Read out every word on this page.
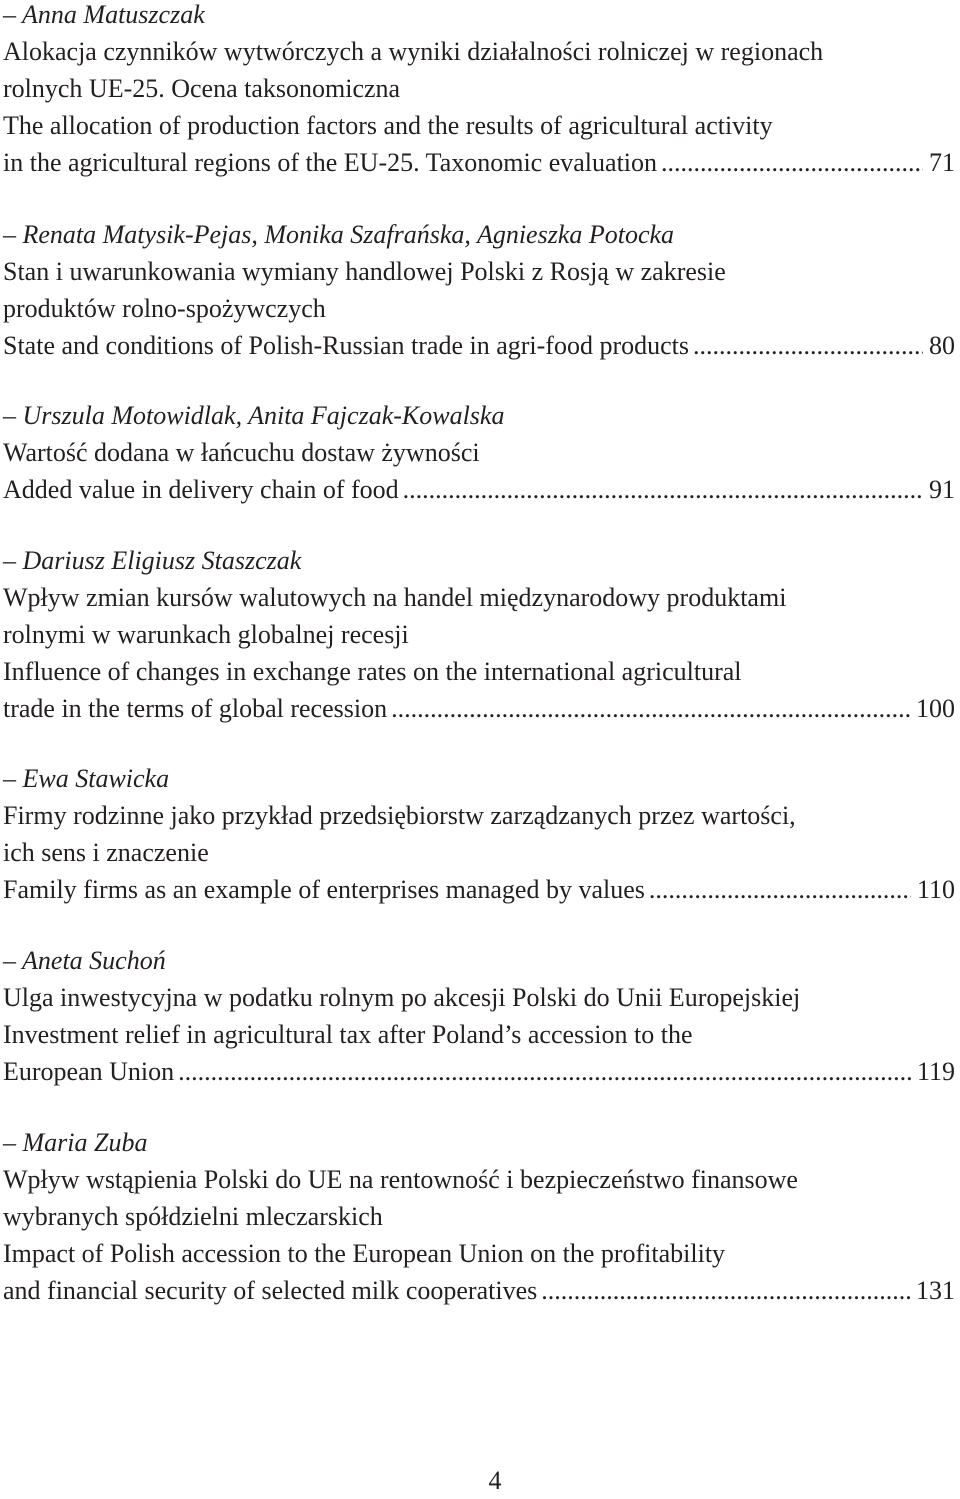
– Anna Matuszczak
Alokacja czynników wytwórczych a wyniki działalności rolniczej w regionach
rolnych UE-25. Ocena taksonomiczna
The allocation of production factors and the results of agricultural activity
in the agricultural regions of the EU-25. Taxonomic evaluation .....	71
– Renata Matysik-Pejas, Monika Szafrańska, Agnieszka Potocka
Stan i uwarunkowania wymiany handlowej Polski z Rosją w zakresie
produktów rolno-spożywczych
State and conditions of Polish-Russian trade in agri-food products .....	80
– Urszula Motowidlak, Anita Fajczak-Kowalska
Wartość dodana w łańcuchu dostaw żywności
Added value in delivery chain of food .....	91
– Dariusz Eligiusz Staszczak
Wpływ zmian kursów walutowych na handel międzynarodowy produktami
rolnymi w warunkach globalnej recesji
Influence of changes in exchange rates on the international agricultural
trade in the terms of global recession .....	100
– Ewa Stawicka
Firmy rodzinne jako przykład przedsiębiorstw zarządzanych przez wartości,
ich sens i znaczenie
Family firms as an example of enterprises managed by values .....	110
– Aneta Suchoń
Ulga inwestycyjna w podatku rolnym po akcesji Polski do Unii Europejskiej
Investment relief in agricultural tax after Poland’s accession to the
European Union .....	119
– Maria Zuba
Wpływ wstąpienia Polski do UE na rentowność i bezpieczeństwo finansowe
wybranych spółdzielni mleczarskich
Impact of Polish accession to the European Union on the profitability
and financial security of selected milk cooperatives .....	131
4
